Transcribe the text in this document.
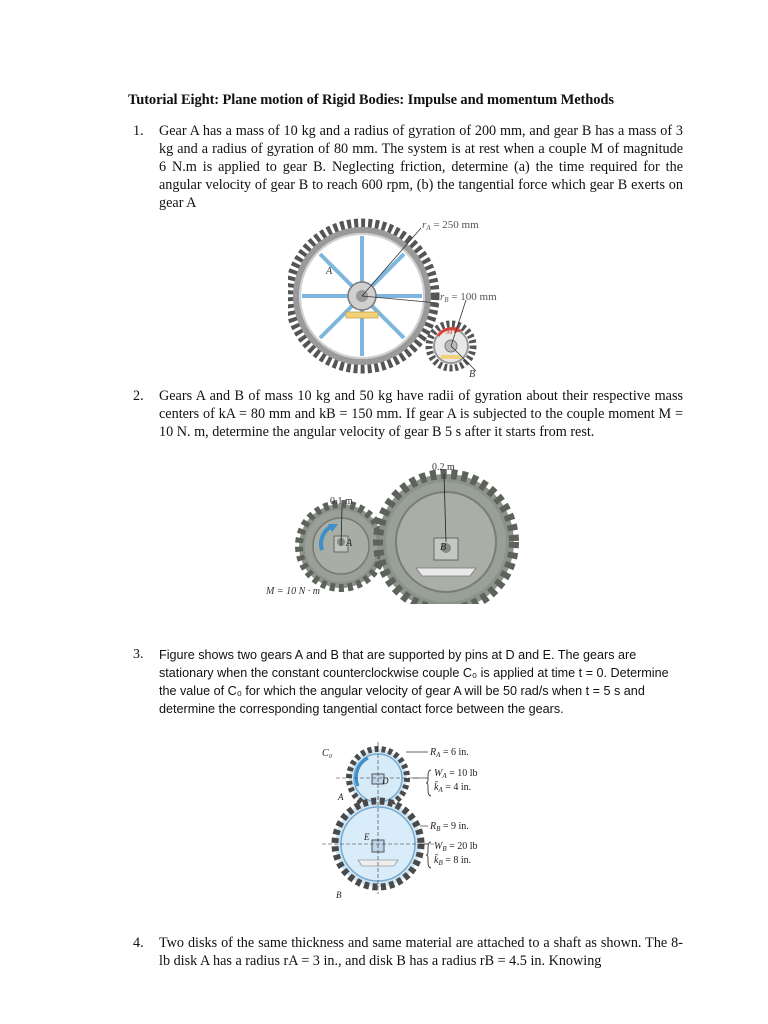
Tutorial Eight: Plane motion of Rigid Bodies: Impulse and momentum Methods
1. Gear A has a mass of 10 kg and a radius of gyration of 200 mm, and gear B has a mass of 3 kg and a radius of gyration of 80 mm. The system is at rest when a couple M of magnitude 6 N.m is applied to gear B. Neglecting friction, determine (a) the time required for the angular velocity of gear B to reach 600 rpm, (b) the tangential force which gear B exerts on gear A
rA = 250 mm
rB = 100 mm
A
B
M
2. Gears A and B of mass 10 kg and 50 kg have radii of gyration about their respective mass centers of kA = 80 mm and kB = 150 mm. If gear A is subjected to the couple moment M = 10 N. m, determine the angular velocity of gear B 5 s after it starts from rest.
0.2 m
0.1 m
A	B
M = 10 N · m
3. Figure shows two gears A and B that are supported by pins at D and E. The gears are stationary when the constant counterclockwise couple C₀ is applied at time t = 0. Determine the value of C₀ for which the angular velocity of gear A will be 50 rad/s when t = 5 s and determine the corresponding tangential contact force between the gears.
C₀	$R_A = 6$ in.
$W_A = 10$ lb
$k̄_A = 4$ in.
$R_B = 9$ in.
$W_B = 20$ lb
$k̄_B = 8$ in.
A
D
E
B
4. Two disks of the same thickness and same material are attached to a shaft as shown. The 8-lb disk A has a radius rA = 3 in., and disk B has a radius rB = 4.5 in. Knowing
